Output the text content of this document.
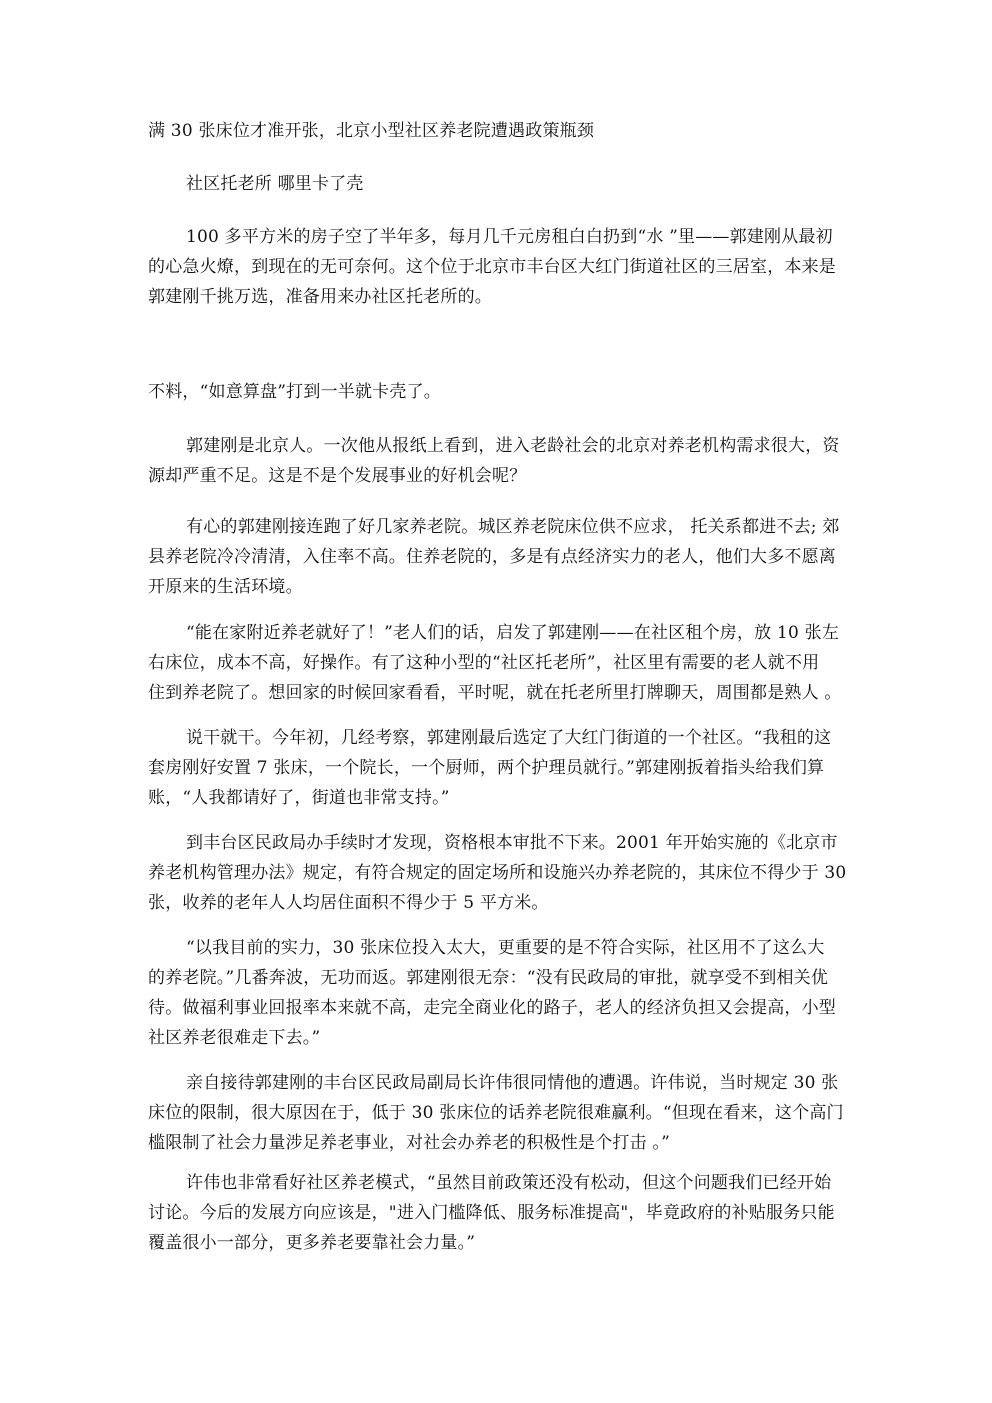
满 30 张床位才准开张，北京小型社区养老院遭遇政策瓶颈
社区托老所 哪里卡了壳
100 多平方米的房子空了半年多，每月几千元房租白白扔到“水 ”里——郭建刚从最初
的心急火燎，到现在的无可奈何。这个位于北京市丰台区大红门街道社区的三居室，本来是
郭建刚千挑万选，准备用来办社区托老所的。
不料，“如意算盘”打到一半就卡壳了。
郭建刚是北京人。一次他从报纸上看到，进入老龄社会的北京对养老机构需求很大，资
源却严重不足。这是不是个发展事业的好机会呢？
有心的郭建刚接连跑了好几家养老院。城区养老院床位供不应求， 托关系都进不去; 郊
县养老院冷冷清清，入住率不高。住养老院的，多是有点经济实力的老人，他们大多不愿离
开原来的生活环境。
“能在家附近养老就好了！”老人们的话，启发了郭建刚——在社区租个房，放 10 张左
右床位，成本不高，好操作。有了这种小型的“社区托老所”，社区里有需要的老人就不用
住到养老院了。想回家的时候回家看看，平时呢，就在托老所里打牌聊天，周围都是熟人 。
说干就干。今年初，几经考察，郭建刚最后选定了大红门街道的一个社区。“我租的这
套房刚好安置 7 张床，一个院长，一个厨师，两个护理员就行。”郭建刚扳着指头给我们算
账，“人我都请好了，街道也非常支持。”
到丰台区民政局办手续时才发现，资格根本审批不下来。2001 年开始实施的《北京市
养老机构管理办法》规定，有符合规定的固定场所和设施兴办养老院的，其床位不得少于 30
张，收养的老年人人均居住面积不得少于 5 平方米。
“以我目前的实力，30 张床位投入太大，更重要的是不符合实际，社区用不了这么大
的养老院。”几番奔波，无功而返。郭建刚很无奈：“没有民政局的审批，就享受不到相关优
待。做福利事业回报率本来就不高，走完全商业化的路子，老人的经济负担又会提高，小型
社区养老很难走下去。”
亲自接待郭建刚的丰台区民政局副局长许伟很同情他的遭遇。许伟说，当时规定 30 张
床位的限制，很大原因在于，低于 30 张床位的话养老院很难赢利。“但现在看来，这个高门
槛限制了社会力量涉足养老事业，对社会办养老的积极性是个打击 。”
许伟也非常看好社区养老模式，“虽然目前政策还没有松动，但这个问题我们已经开始
讨论。今后的发展方向应该是，"进入门槛降低、服务标准提高"，毕竟政府的补贴服务只能
覆盖很小一部分，更多养老要靠社会力量。”
